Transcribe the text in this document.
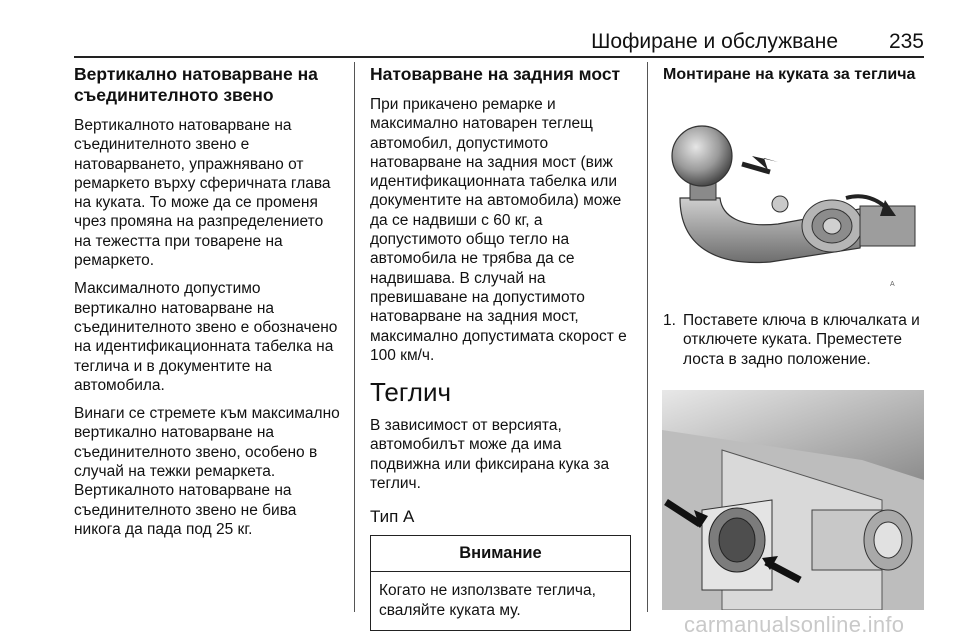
Шофиране и обслужване 235
Вертикално натоварване на съединителното звено

Вертикалното натоварване на съединителното звено е натоварването, упражнявано от ремаркето върху сферичната глава на куката. То може да се променя чрез промяна на разпределението на тежестта при товарене на ремаркето.

Максималното допустимо вертикално натоварване на съединителното звено е обозначено на идентификационната табелка на теглича и в документите на автомобила.

Винаги се стремете към максимално вертикално натоварване на съединителното звено, особено в случай на тежки ремаркета. Вертикалното натоварване на съединителното звено не бива никога да пада под 25 кг.

Натоварване на задния мост

При прикачено ремарке и максимално натоварен теглещ автомобил, допустимото натоварване на задния мост (виж идентификационната табелка или документите на автомобила) може да се надвиши с 60 кг, а допустимото общо тегло на автомобила не трябва да се надвишава. В случай на превишаване на допустимото натоварване на задния мост, максимално допустимата скорост е 100 км/ч.

Теглич

В зависимост от версията, автомобилът може да има подвижна или фиксирана кука за теглич.

Тип А
Внимание
Когато не използвате теглича, сваляйте куката му.
Монтиране на куката за теглича
A
1. Поставете ключа в ключалката и отключете куката. Преместете лоста в задно положение.
carmanualsonline.info
